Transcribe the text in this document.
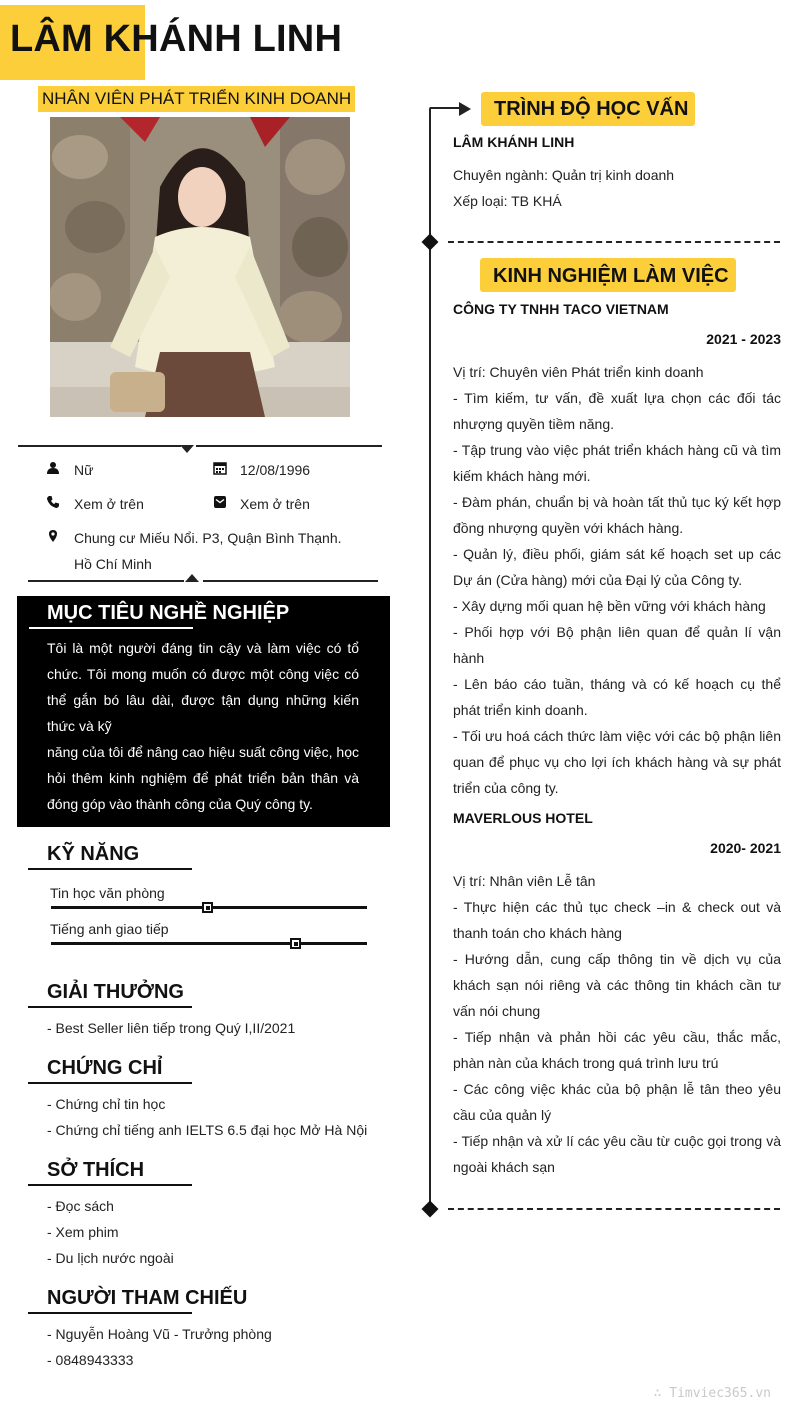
LÂM KHÁNH LINH
NHÂN VIÊN PHÁT TRIỂN KINH DOANH
Nữ	12/08/1996
Xem ở trên	Xem ở trên
Chung cư Miếu Nổi. P3, Quận Bình Thạnh.
Hồ Chí Minh
MỤC TIÊU NGHỀ NGHIỆP
Tôi là một người đáng tin cậy và làm việc có tổ chức. Tôi mong muốn có được một công việc có thể gắn bó lâu dài, được tận dụng những kiến thức và kỹ
năng của tôi để nâng cao hiệu suất công việc, học hỏi thêm kinh nghiệm để phát triển bản thân và đóng góp vào thành công của Quý công ty.
KỸ NĂNG
Tin học văn phòng
Tiếng anh giao tiếp
GIẢI THƯỞNG
- Best Seller liên tiếp trong Quý I,II/2021
CHỨNG CHỈ
- Chứng chỉ tin học
- Chứng chỉ tiếng anh IELTS 6.5 đại học Mở Hà Nội
SỞ THÍCH
- Đọc sách
- Xem phim
- Du lịch nước ngoài
NGƯỜI THAM CHIẾU
- Nguyễn Hoàng Vũ - Trưởng phòng
- 0848943333
TRÌNH ĐỘ HỌC VẤN
LÂM KHÁNH LINH
Chuyên ngành: Quản trị kinh doanh
Xếp loại: TB KHÁ
KINH NGHIỆM LÀM VIỆC
CÔNG TY TNHH TACO VIETNAM
2021 - 2023

Vị trí: Chuyên viên Phát triển kinh doanh

- Tìm kiếm, tư vấn, đề xuất lựa chọn các đối tác nhượng quyền tiềm năng.

- Tập trung vào việc phát triển khách hàng cũ và tìm kiếm khách hàng mới.

- Đàm phán, chuẩn bị và hoàn tất thủ tục ký kết hợp đồng nhượng quyền với khách hàng.

- Quản lý, điều phối, giám sát kế hoạch set up các Dự án (Cửa hàng) mới của Đại lý của Công ty.

- Xây dựng mối quan hệ bền vững với khách hàng

- Phối hợp với Bộ phận liên quan để quản lí vận hành

- Lên báo cáo tuần, tháng và có kế hoạch cụ thể phát triển kinh doanh.

- Tối ưu hoá cách thức làm việc với các bộ phận liên quan để phục vụ cho lợi ích khách hàng và sự phát triển của công ty.

MAVERLOUS HOTEL
2020- 2021

Vị trí: Nhân viên Lễ tân

- Thực hiện các thủ tục check –in & check out và thanh toán cho khách hàng

- Hướng dẫn, cung cấp thông tin về dịch vụ của khách sạn nói riêng và các thông tin khách cần tư vấn nói chung

- Tiếp nhận và phản hồi các yêu cầu, thắc mắc, phàn nàn của khách trong quá trình lưu trú

- Các công việc khác của bộ phận lễ tân theo yêu cầu của quản lý

- Tiếp nhận và xử lí các yêu cầu từ cuộc gọi trong và ngoài khách sạn

∴ Timviec365.vn
